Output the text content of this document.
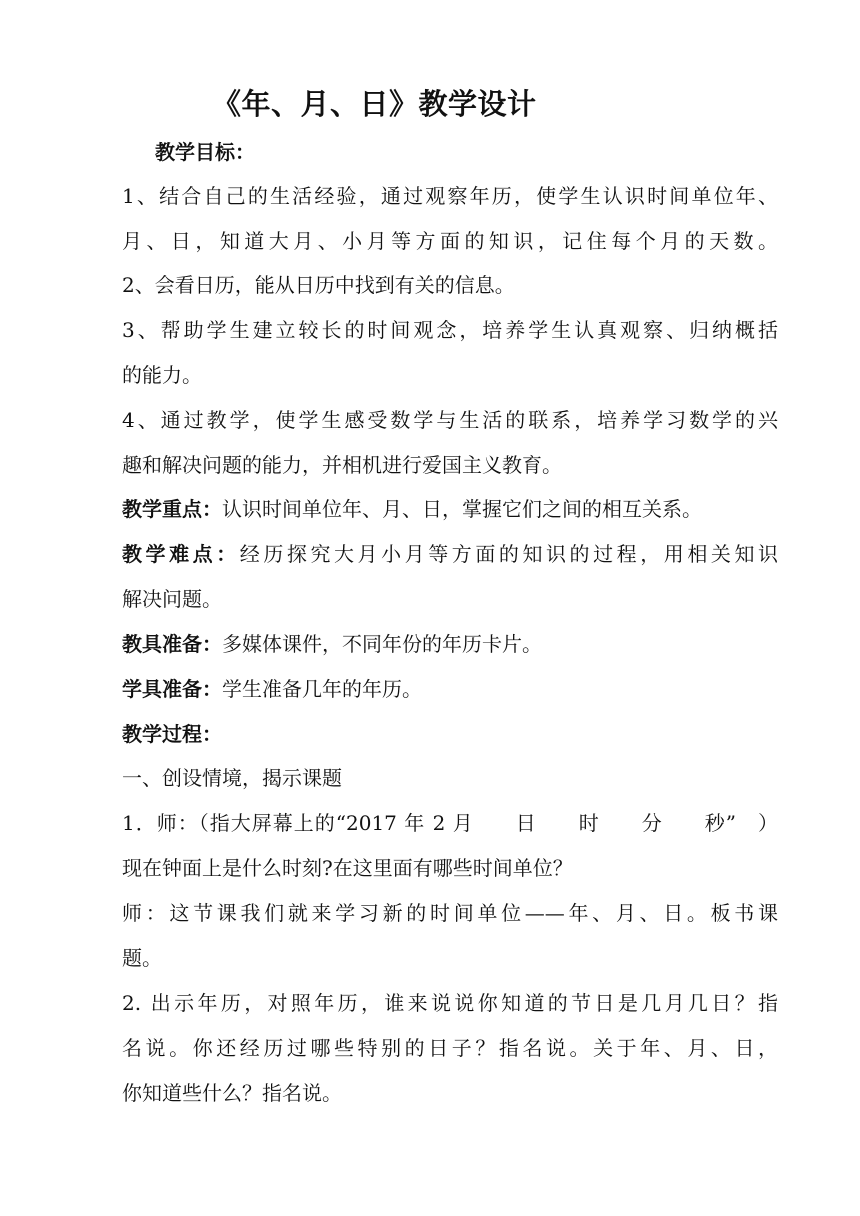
《年、月、日》教学设计
教学目标：
1、结合自己的生活经验，通过观察年历，使学生认识时间单位年、
月、日，知道大月、小月等方面的知识，记住每个月的天数。
2、会看日历，能从日历中找到有关的信息。
3、帮助学生建立较长的时间观念，培养学生认真观察、归纳概括
的能力。
4、通过教学，使学生感受数学与生活的联系，培养学习数学的兴
趣和解决问题的能力，并相机进行爱国主义教育。
教学重点：认识时间单位年、月、日，掌握它们之间的相互关系。
教学难点：经历探究大月小月等方面的知识的过程，用相关知识
解决问题。
教具准备：多媒体课件，不同年份的年历卡片。
学具准备：学生准备几年的年历。
教学过程：
一、创设情境，揭示课题
1．师：（指大屏幕上的“2017 年 2 月　　日　　时　　分　　秒”　）
现在钟面上是什么时刻?在这里面有哪些时间单位？
师：这节课我们就来学习新的时间单位——年、月、日。板书课
题。
2. 出示年历，对照年历，谁来说说你知道的节日是几月几日？指
名说。你还经历过哪些特别的日子？指名说。关于年、月、日，
你知道些什么？指名说。
